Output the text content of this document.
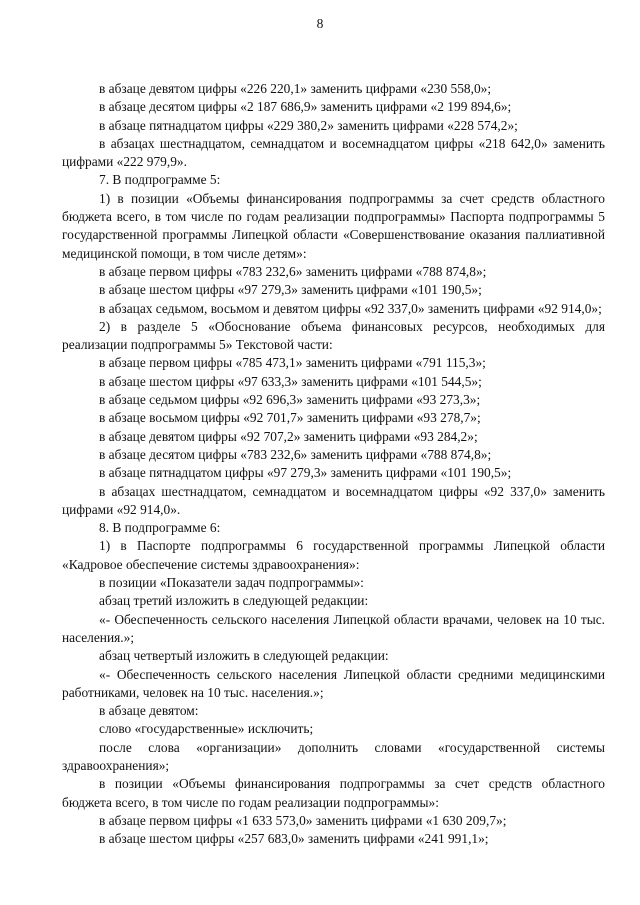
8

в абзаце девятом цифры «226 220,1» заменить цифрами «230 558,0»;

в абзаце десятом цифры «2 187 686,9» заменить цифрами «2 199 894,6»;

в абзаце пятнадцатом цифры «229 380,2» заменить цифрами «228 574,2»;

в абзацах шестнадцатом, семнадцатом и восемнадцатом цифры «218 642,0» заменить цифрами «222 979,9».

7. В подпрограмме 5:

1) в позиции «Объемы финансирования подпрограммы за счет средств областного бюджета всего, в том числе по годам реализации подпрограммы» Паспорта подпрограммы 5 государственной программы Липецкой области «Совершенствование оказания паллиативной медицинской помощи, в том числе детям»:

в абзаце первом цифры «783 232,6» заменить цифрами «788 874,8»;

в абзаце шестом цифры «97 279,3» заменить цифрами «101 190,5»;

в абзацах седьмом, восьмом и девятом цифры «92 337,0» заменить цифрами «92 914,0»;

2) в разделе 5 «Обоснование объема финансовых ресурсов, необходимых для реализации подпрограммы 5» Текстовой части:

в абзаце первом цифры «785 473,1» заменить цифрами «791 115,3»;

в абзаце шестом цифры «97 633,3» заменить цифрами «101 544,5»;

в абзаце седьмом цифры «92 696,3» заменить цифрами «93 273,3»;

в абзаце восьмом цифры «92 701,7» заменить цифрами «93 278,7»;

в абзаце девятом цифры «92 707,2» заменить цифрами «93 284,2»;

в абзаце десятом цифры «783 232,6» заменить цифрами «788 874,8»;

в абзаце пятнадцатом цифры «97 279,3» заменить цифрами «101 190,5»;

в абзацах шестнадцатом, семнадцатом и восемнадцатом цифры «92 337,0» заменить цифрами «92 914,0».

8. В подпрограмме 6:

1) в Паспорте подпрограммы 6 государственной программы Липецкой области «Кадровое обеспечение системы здравоохранения»:

в позиции «Показатели задач подпрограммы»:

абзац третий изложить в следующей редакции:

«- Обеспеченность сельского населения Липецкой области врачами, человек на 10 тыс. населения.»;

абзац четвертый изложить в следующей редакции:

«- Обеспеченность сельского населения Липецкой области средними медицинскими работниками, человек на 10 тыс. населения.»;

в абзаце девятом:

слово «государственные» исключить;

после слова «организации» дополнить словами «государственной системы здравоохранения»;

в позиции «Объемы финансирования подпрограммы за счет средств областного бюджета всего, в том числе по годам реализации подпрограммы»:

в абзаце первом цифры «1 633 573,0» заменить цифрами «1 630 209,7»;

в абзаце шестом цифры «257 683,0» заменить цифрами «241 991,1»;
